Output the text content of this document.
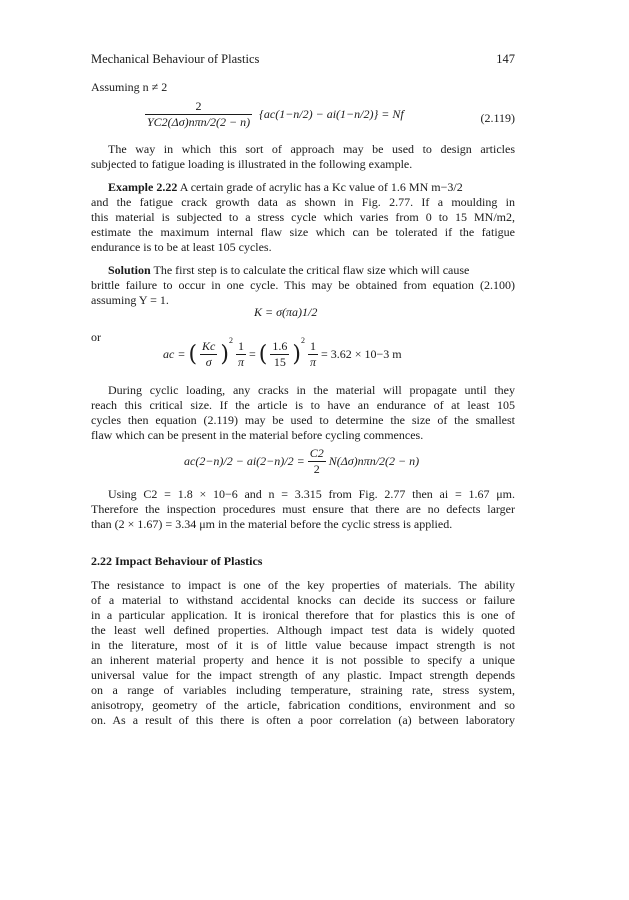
Mechanical Behaviour of Plastics	147
Assuming n ≠ 2
$\frac{2}{\text{YC2(Δσ)nπn/2(2 − n)}} \{ac(1-n/2) - ai(1-n/2)\} = Nf$	(2.119)
The way in which this sort of approach may be used to design articles
subjected to fatigue loading is illustrated in the following example.
Example 2.22 A certain grade of acrylic has a Kc value of 1.6 MN m−3/2
and the fatigue crack growth data as shown in Fig. 2.77. If a moulding in
this material is subjected to a stress cycle which varies from 0 to 15 MN/m2,
estimate the maximum internal flaw size which can be tolerated if the fatigue
endurance is to be at least 105 cycles.
Solution The first step is to calculate the critical flaw size which will cause
brittle failure to occur in one cycle. This may be obtained from equation (2.100)
assuming Y = 1.
K = σ(πa)1/2
or
ac = ( $\frac{Kc}{\sigma} )^2 \frac{1}{\pi}$ = ( $\frac{1.6}{15} )^2 \frac{1}{\pi} = 3.62 \times 10-3$ m
During cyclic loading, any cracks in the material will propagate until they
reach this critical size. If the article is to have an endurance of at least 105
cycles then equation (2.119) may be used to determine the size of the smallest
flaw which can be present in the material before cycling commences.
$ac(2-n)/2 - ai(2-n)/2 = \frac{C2}{2} N(\Delta\sigma)n\pi n/2(2 - n)$
Using C2 = 1.8 × 10−6 and n = 3.315 from Fig. 2.77 then ai = 1.67 μm.
Therefore the inspection procedures must ensure that there are no defects larger
than (2 × 1.67) = 3.34 μm in the material before the cyclic stress is applied.
2.22 Impact Behaviour of Plastics
The resistance to impact is one of the key properties of materials. The ability
of a material to withstand accidental knocks can decide its success or failure
in a particular application. It is ironical therefore that for plastics this is one of
the least well defined properties. Although impact test data is widely quoted
in the literature, most of it is of little value because impact strength is not
an inherent material property and hence it is not possible to specify a unique
universal value for the impact strength of any plastic. Impact strength depends
on a range of variables including temperature, straining rate, stress system,
anisotropy, geometry of the article, fabrication conditions, environment and so
on. As a result of this there is often a poor correlation (a) between laboratory
